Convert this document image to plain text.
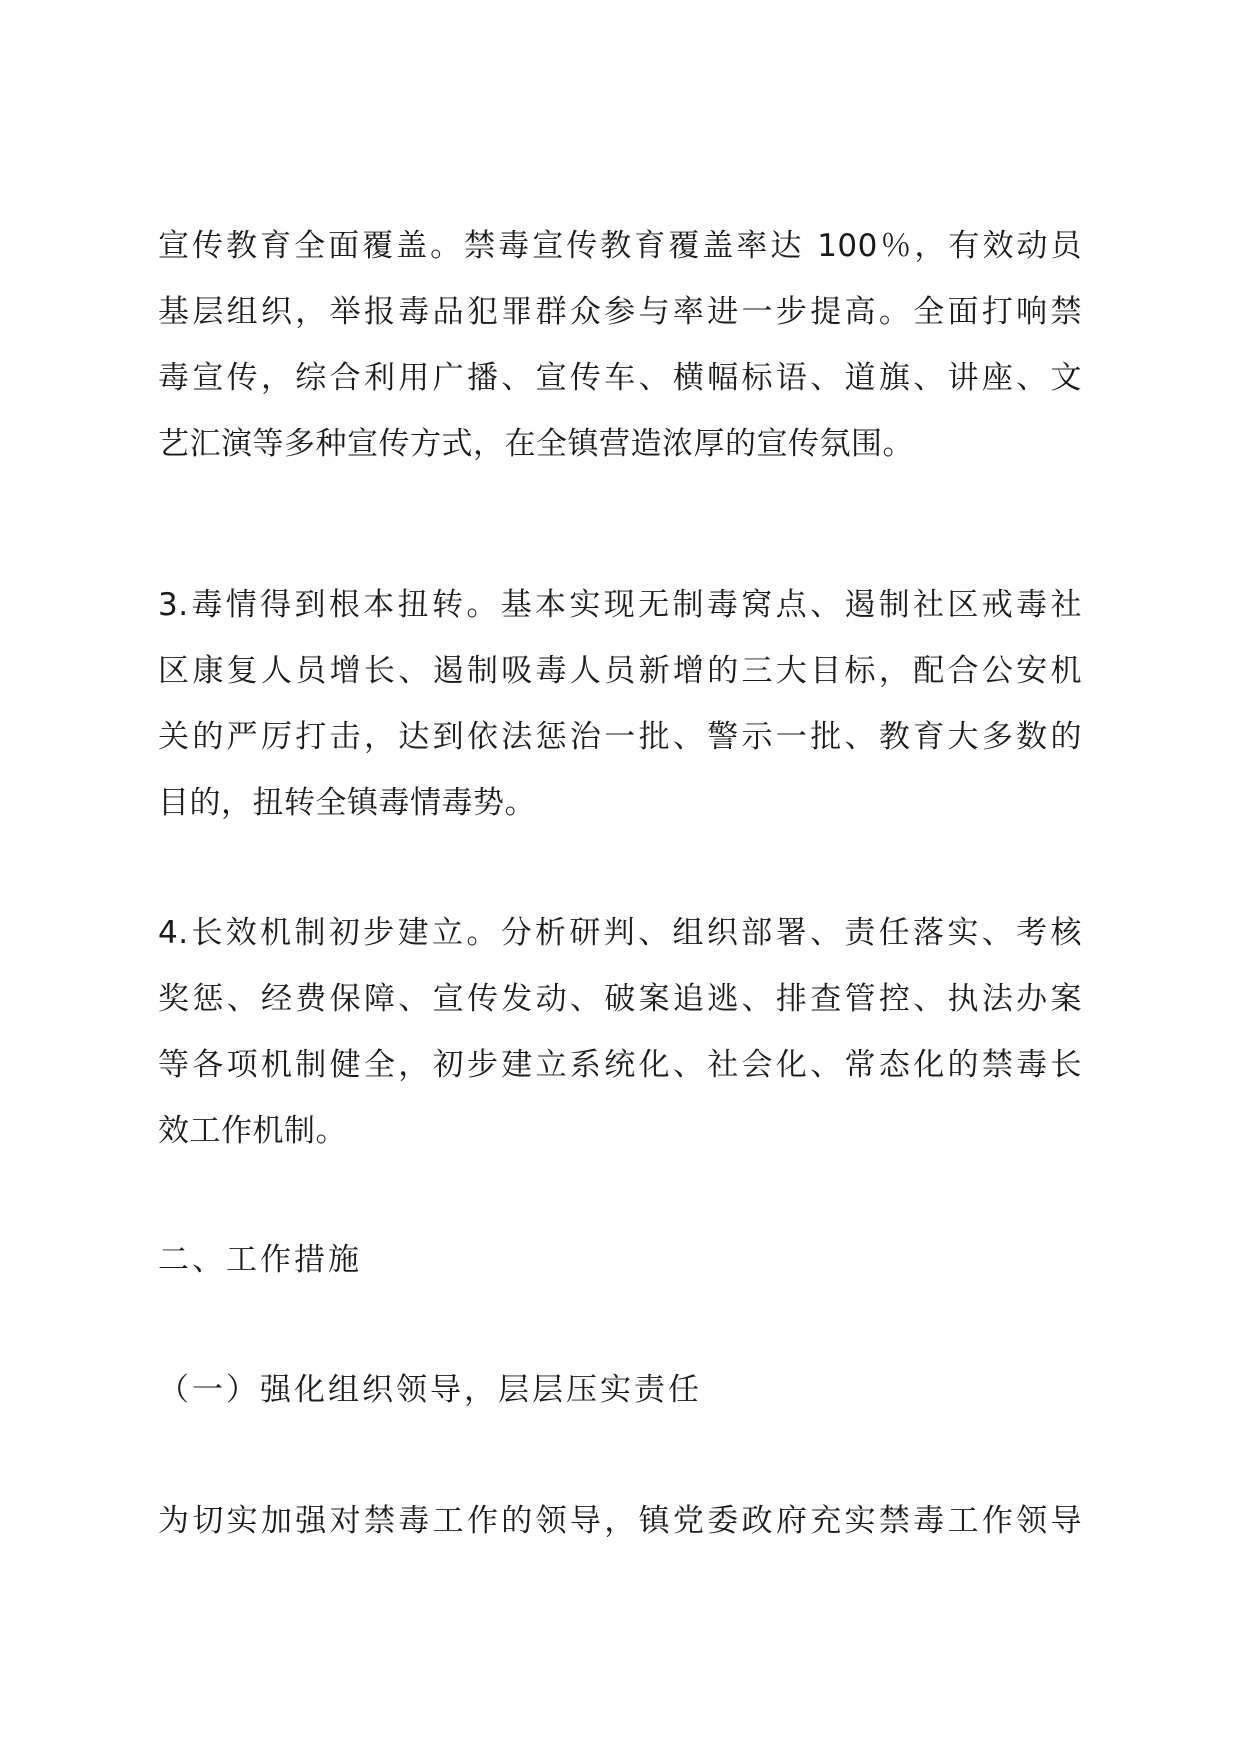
宣传教育全面覆盖。禁毒宣传教育覆盖率达 100％，有效动员
基层组织，举报毒品犯罪群众参与率进一步提高。全面打响禁
毒宣传，综合利用广播、宣传车、横幅标语、道旗、讲座、文
艺汇演等多种宣传方式，在全镇营造浓厚的宣传氛围。
3.毒情得到根本扭转。基本实现无制毒窝点、遏制社区戒毒社
区康复人员增长、遏制吸毒人员新增的三大目标，配合公安机
关的严厉打击，达到依法惩治一批、警示一批、教育大多数的
目的，扭转全镇毒情毒势。
4.长效机制初步建立。分析研判、组织部署、责任落实、考核
奖惩、经费保障、宣传发动、破案追逃、排查管控、执法办案
等各项机制健全，初步建立系统化、社会化、常态化的禁毒长
效工作机制。
二、工作措施
（一）强化组织领导，层层压实责任
为切实加强对禁毒工作的领导，镇党委政府充实禁毒工作领导
